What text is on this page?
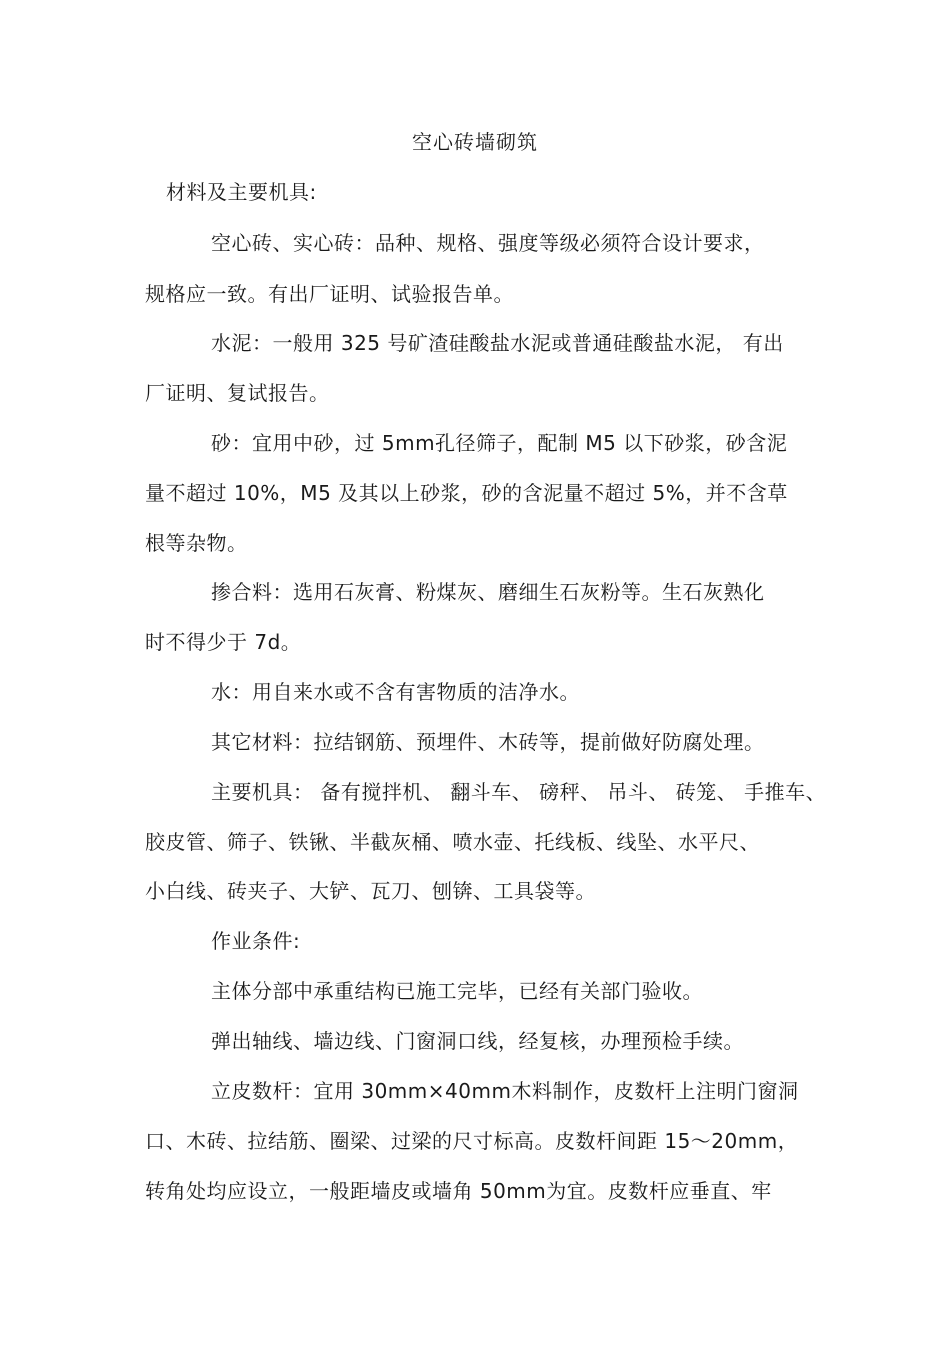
空心砖墙砌筑
材料及主要机具:
空心砖、实心砖：品种、规格、强度等级必须符合设计要求，
规格应一致。有出厂证明、试验报告单。
水泥：一般用 325 号矿渣硅酸盐水泥或普通硅酸盐水泥， 有出
厂证明、复试报告。
砂：宜用中砂，过 5mm孔径筛子，配制 M5 以下砂浆，砂含泥
量不超过 10%，M5 及其以上砂浆，砂的含泥量不超过 5%，并不含草
根等杂物。
掺合料：选用石灰膏、粉煤灰、磨细生石灰粉等。生石灰熟化
时不得少于 7d。
水：用自来水或不含有害物质的洁净水。
其它材料：拉结钢筋、预埋件、木砖等，提前做好防腐处理。
主要机具： 备有搅拌机、 翻斗车、 磅秤、 吊斗、 砖笼、 手推车、
胶皮管、筛子、铁锹、半截灰桶、喷水壶、托线板、线坠、水平尺、
小白线、砖夹子、大铲、瓦刀、刨锛、工具袋等。
作业条件:
主体分部中承重结构已施工完毕，已经有关部门验收。
弹出轴线、墙边线、门窗洞口线，经复核，办理预检手续。
立皮数杆：宜用 30mm×40mm木料制作，皮数杆上注明门窗洞
口、木砖、拉结筋、圈梁、过梁的尺寸标高。皮数杆间距 15～20mm，
转角处均应设立，一般距墙皮或墙角 50mm为宜。皮数杆应垂直、牢
